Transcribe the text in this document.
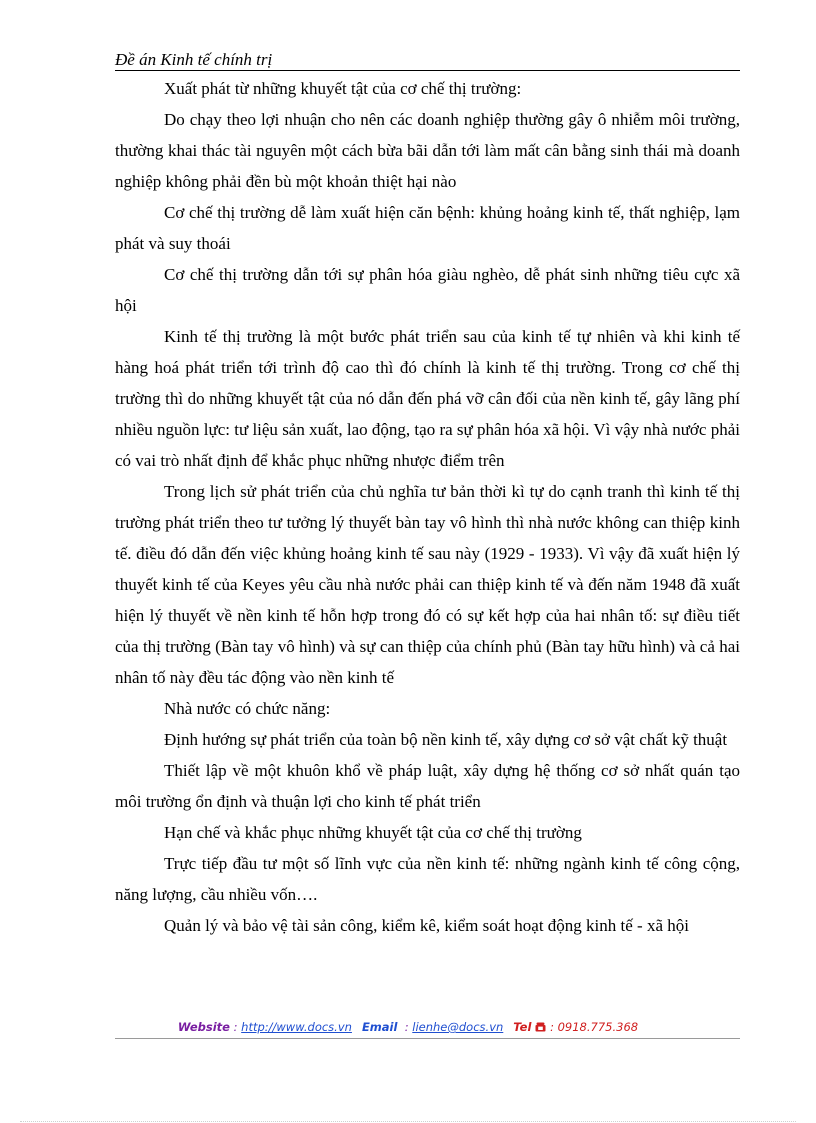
Đề án Kinh tế chính trị

Xuất phát từ những khuyết tật của cơ chế thị trường:

Do chạy theo lợi nhuận cho nên các doanh nghiệp thường gây ô nhiễm môi trường, thường khai thác tài nguyên một cách bừa bãi dẫn tới làm mất cân bằng sinh thái mà doanh nghiệp không phải đền bù một khoản thiệt hại nào

Cơ chế thị trường dễ làm xuất hiện căn bệnh: khủng hoảng kinh tế, thất nghiệp, lạm phát và suy thoái

Cơ chế thị trường dẫn tới sự phân hóa giàu nghèo, dễ phát sinh những tiêu cực xã hội

Kinh tế thị trường là một bước phát triển sau của kinh tế tự nhiên và khi kinh tế hàng hoá phát triển tới trình độ cao thì đó chính là kinh tế thị trường. Trong cơ chế thị trường thì do những khuyết tật của nó dẫn đến phá vỡ cân đối của nền kinh tế, gây lãng phí nhiều nguồn lực: tư liệu sản xuất, lao động, tạo ra sự phân hóa xã hội. Vì vậy nhà nước phải có vai trò nhất định để khắc phục những nhược điểm trên

Trong lịch sử phát triển của chủ nghĩa tư bản thời kì tự do cạnh tranh thì kinh tế thị trường phát triển theo tư tưởng lý thuyết bàn tay vô hình thì nhà nước không can thiệp kinh tế. điều đó dẫn đến việc khủng hoảng kinh tế sau này (1929 - 1933). Vì vậy đã xuất hiện lý thuyết kinh tế của Keyes yêu cầu nhà nước phải can thiệp kinh tế và đến năm 1948 đã xuất hiện lý thuyết về nền kinh tế hỗn hợp trong đó có sự kết hợp của hai nhân tố: sự điều tiết của thị trường (Bàn tay vô hình) và sự can thiệp của chính phủ (Bàn tay hữu hình) và cả hai nhân tố này đều tác động vào nền kinh tế

Nhà nước có chức năng:

Định hướng sự phát triển của toàn bộ nền kinh tế, xây dựng cơ sở vật chất kỹ thuật

Thiết lập về một khuôn khổ về pháp luật, xây dựng hệ thống cơ sở nhất quán tạo môi trường ổn định và thuận lợi cho kinh tế phát triển

Hạn chế và khắc phục những khuyết tật của cơ chế thị trường

Trực tiếp đầu tư một số lĩnh vực của nền kinh tế: những ngành kinh tế công cộng, năng lượng, cầu nhiều vốn….

Quản lý và bảo vệ tài sản công, kiểm kê, kiểm soát hoạt động kinh tế - xã hội

Website : http://www.docs.vn Email  : lienhe@docs.vn Tel  : 0918.775.368
